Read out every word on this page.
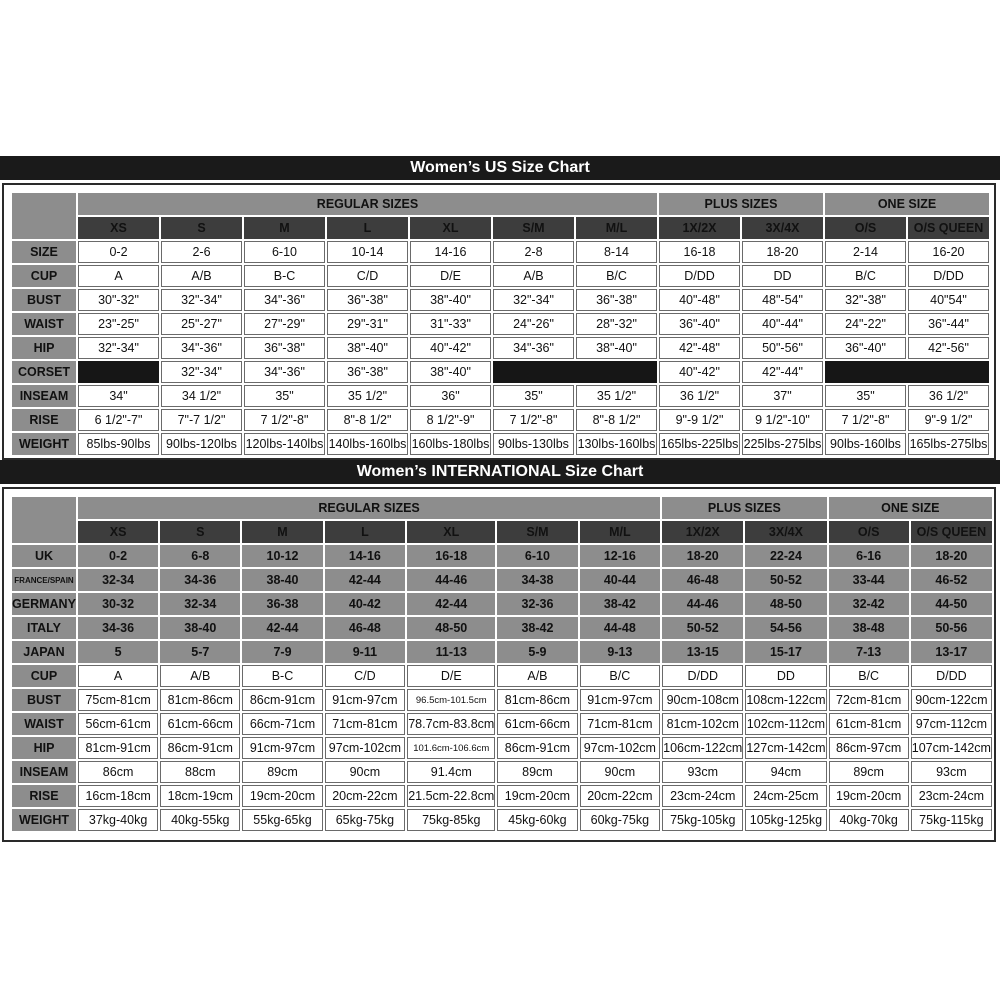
Women’s US Size Chart
	REGULAR SIZES							PLUS SIZES		ONE SIZE	
	XS	S	M	L	XL	S/M	M/L	1X/2X	3X/4X	O/S	O/S QUEEN
SIZE	0-2	2-6	6-10	10-14	14-16	2-8	8-14	16-18	18-20	2-14	16-20
CUP	A	A/B	B-C	C/D	D/E	A/B	B/C	D/DD	DD	B/C	D/DD
BUST	30"-32"	32"-34"	34"-36"	36"-38"	38"-40"	32"-34"	36"-38"	40"-48"	48"-54"	32"-38"	40"54"
WAIST	23"-25"	25"-27"	27"-29"	29"-31"	31"-33"	24"-26"	28"-32"	36"-40"	40"-44"	24"-22"	36"-44"
HIP	32"-34"	34"-36"	36"-38"	38"-40"	40"-42"	34"-36"	38"-40"	42"-48"	50"-56"	36"-40"	42"-56"
CORSET		32"-34"	34"-36"	36"-38"	38"-40"			40"-42"	42"-44"		
INSEAM	34"	34 1/2"	35"	35 1/2"	36"	35"	35 1/2"	36 1/2"	37"	35"	36 1/2"
RISE	6 1/2"-7"	7"-7 1/2"	7 1/2"-8"	8"-8 1/2"	8 1/2"-9"	7 1/2"-8"	8"-8 1/2"	9"-9 1/2"	9 1/2"-10"	7 1/2"-8"	9"-9 1/2"
WEIGHT	85lbs-90lbs	90lbs-120lbs	120lbs-140lbs	140lbs-160lbs	160lbs-180lbs	90lbs-130lbs	130lbs-160lbs	165lbs-225lbs	225lbs-275lbs	90lbs-160lbs	165lbs-275lbs
Women’s INTERNATIONAL Size Chart
	REGULAR SIZES							PLUS SIZES		ONE SIZE	
	XS	S	M	L	XL	S/M	M/L	1X/2X	3X/4X	O/S	O/S QUEEN
UK	0-2	6-8	10-12	14-16	16-18	6-10	12-16	18-20	22-24	6-16	18-20
FRANCE/SPAIN	32-34	34-36	38-40	42-44	44-46	34-38	40-44	46-48	50-52	33-44	46-52
GERMANY	30-32	32-34	36-38	40-42	42-44	32-36	38-42	44-46	48-50	32-42	44-50
ITALY	34-36	38-40	42-44	46-48	48-50	38-42	44-48	50-52	54-56	38-48	50-56
JAPAN	5	5-7	7-9	9-11	11-13	5-9	9-13	13-15	15-17	7-13	13-17
CUP	A	A/B	B-C	C/D	D/E	A/B	B/C	D/DD	DD	B/C	D/DD
BUST	75cm-81cm	81cm-86cm	86cm-91cm	91cm-97cm	96.5cm-101.5cm	81cm-86cm	91cm-97cm	90cm-108cm	108cm-122cm	72cm-81cm	90cm-122cm
WAIST	56cm-61cm	61cm-66cm	66cm-71cm	71cm-81cm	78.7cm-83.8cm	61cm-66cm	71cm-81cm	81cm-102cm	102cm-112cm	61cm-81cm	97cm-112cm
HIP	81cm-91cm	86cm-91cm	91cm-97cm	97cm-102cm	101.6cm-106.6cm	86cm-91cm	97cm-102cm	106cm-122cm	127cm-142cm	86cm-97cm	107cm-142cm
INSEAM	86cm	88cm	89cm	90cm	91.4cm	89cm	90cm	93cm	94cm	89cm	93cm
RISE	16cm-18cm	18cm-19cm	19cm-20cm	20cm-22cm	21.5cm-22.8cm	19cm-20cm	20cm-22cm	23cm-24cm	24cm-25cm	19cm-20cm	23cm-24cm
WEIGHT	37kg-40kg	40kg-55kg	55kg-65kg	65kg-75kg	75kg-85kg	45kg-60kg	60kg-75kg	75kg-105kg	105kg-125kg	40kg-70kg	75kg-115kg
